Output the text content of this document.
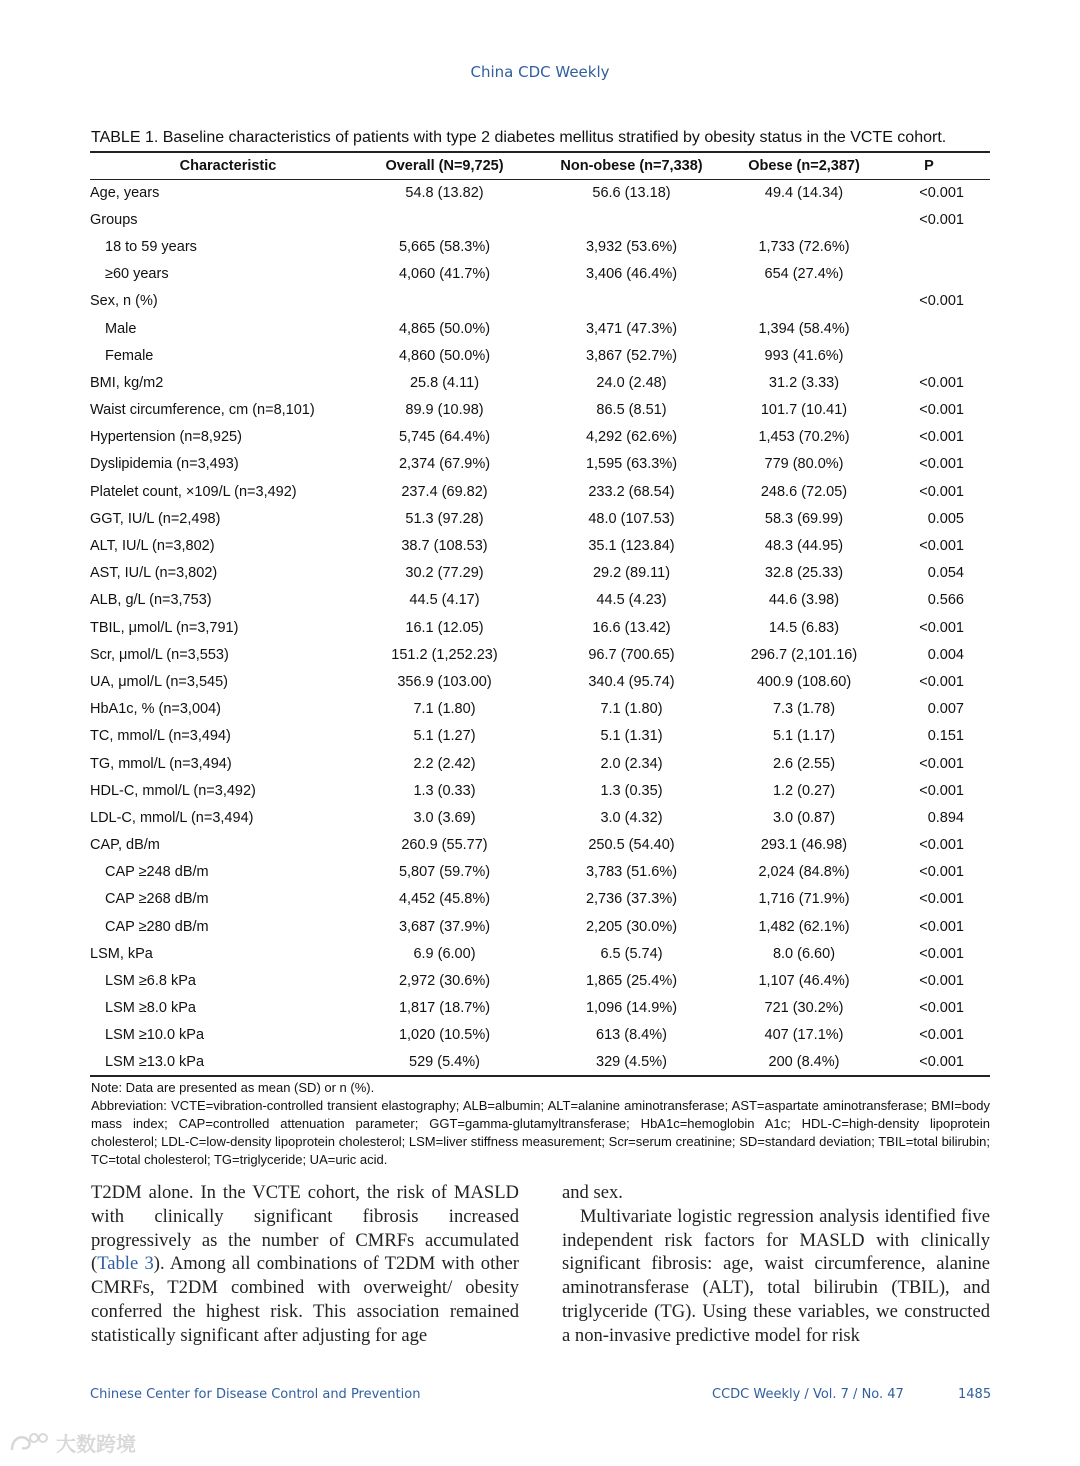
China CDC Weekly
TABLE 1. Baseline characteristics of patients with type 2 diabetes mellitus stratified by obesity status in the VCTE cohort.
Characteristic	Overall (N=9,725)	Non-obese (n=7,338)	Obese (n=2,387)	P
Age, years	54.8 (13.82)	56.6 (13.18)	49.4 (14.34)	<0.001
Groups				<0.001
18 to 59 years	5,665 (58.3%)	3,932 (53.6%)	1,733 (72.6%)	
≥60 years	4,060 (41.7%)	3,406 (46.4%)	654 (27.4%)	
Sex, n (%)				<0.001
Male	4,865 (50.0%)	3,471 (47.3%)	1,394 (58.4%)	
Female	4,860 (50.0%)	3,867 (52.7%)	993 (41.6%)	
BMI, kg/m2	25.8 (4.11)	24.0 (2.48)	31.2 (3.33)	<0.001
Waist circumference, cm (n=8,101)	89.9 (10.98)	86.5 (8.51)	101.7 (10.41)	<0.001
Hypertension (n=8,925)	5,745 (64.4%)	4,292 (62.6%)	1,453 (70.2%)	<0.001
Dyslipidemia (n=3,493)	2,374 (67.9%)	1,595 (63.3%)	779 (80.0%)	<0.001
Platelet count, ×109/L (n=3,492)	237.4 (69.82)	233.2 (68.54)	248.6 (72.05)	<0.001
GGT, IU/L (n=2,498)	51.3 (97.28)	48.0 (107.53)	58.3 (69.99)	0.005
ALT, IU/L (n=3,802)	38.7 (108.53)	35.1 (123.84)	48.3 (44.95)	<0.001
AST, IU/L (n=3,802)	30.2 (77.29)	29.2 (89.11)	32.8 (25.33)	0.054
ALB, g/L (n=3,753)	44.5 (4.17)	44.5 (4.23)	44.6 (3.98)	0.566
TBIL, μmol/L (n=3,791)	16.1 (12.05)	16.6 (13.42)	14.5 (6.83)	<0.001
Scr, μmol/L (n=3,553)	151.2 (1,252.23)	96.7 (700.65)	296.7 (2,101.16)	0.004
UA, μmol/L (n=3,545)	356.9 (103.00)	340.4 (95.74)	400.9 (108.60)	<0.001
HbA1c, % (n=3,004)	7.1 (1.80)	7.1 (1.80)	7.3 (1.78)	0.007
TC, mmol/L (n=3,494)	5.1 (1.27)	5.1 (1.31)	5.1 (1.17)	0.151
TG, mmol/L (n=3,494)	2.2 (2.42)	2.0 (2.34)	2.6 (2.55)	<0.001
HDL-C, mmol/L (n=3,492)	1.3 (0.33)	1.3 (0.35)	1.2 (0.27)	<0.001
LDL-C, mmol/L (n=3,494)	3.0 (3.69)	3.0 (4.32)	3.0 (0.87)	0.894
CAP, dB/m	260.9 (55.77)	250.5 (54.40)	293.1 (46.98)	<0.001
CAP ≥248 dB/m	5,807 (59.7%)	3,783 (51.6%)	2,024 (84.8%)	<0.001
CAP ≥268 dB/m	4,452 (45.8%)	2,736 (37.3%)	1,716 (71.9%)	<0.001
CAP ≥280 dB/m	3,687 (37.9%)	2,205 (30.0%)	1,482 (62.1%)	<0.001
LSM, kPa	6.9 (6.00)	6.5 (5.74)	8.0 (6.60)	<0.001
LSM ≥6.8 kPa	2,972 (30.6%)	1,865 (25.4%)	1,107 (46.4%)	<0.001
LSM ≥8.0 kPa	1,817 (18.7%)	1,096 (14.9%)	721 (30.2%)	<0.001
LSM ≥10.0 kPa	1,020 (10.5%)	613 (8.4%)	407 (17.1%)	<0.001
LSM ≥13.0 kPa	529 (5.4%)	329 (4.5%)	200 (8.4%)	<0.001

Note: Data are presented as mean (SD) or n (%).

Abbreviation: VCTE=vibration-controlled transient elastography; ALB=albumin; ALT=alanine aminotransferase; AST=aspartate aminotransferase; BMI=body mass index; CAP=controlled attenuation parameter; GGT=gamma-glutamyltransferase; HbA1c=hemoglobin A1c; HDL-C=high-density lipoprotein cholesterol; LDL-C=low-density lipoprotein cholesterol; LSM=liver stiffness measurement; Scr=serum creatinine; SD=standard deviation; TBIL=total bilirubin; TC=total cholesterol; TG=triglyceride; UA=uric acid.

T2DM alone. In the VCTE cohort, the risk of MASLD with clinically significant fibrosis increased progressively as the number of CMRFs accumulated (Table 3). Among all combinations of T2DM with other CMRFs, T2DM combined with overweight/ obesity conferred the highest risk. This association remained statistically significant after adjusting for age

and sex.

Multivariate logistic regression analysis identified five independent risk factors for MASLD with clinically significant fibrosis: age, waist circumference, alanine aminotransferase (ALT), total bilirubin (TBIL), and triglyceride (TG). Using these variables, we constructed a non-invasive predictive model for risk

Chinese Center for Disease Control and Prevention	CCDC Weekly / Vol. 7 / No. 47	1485
大数跨境
